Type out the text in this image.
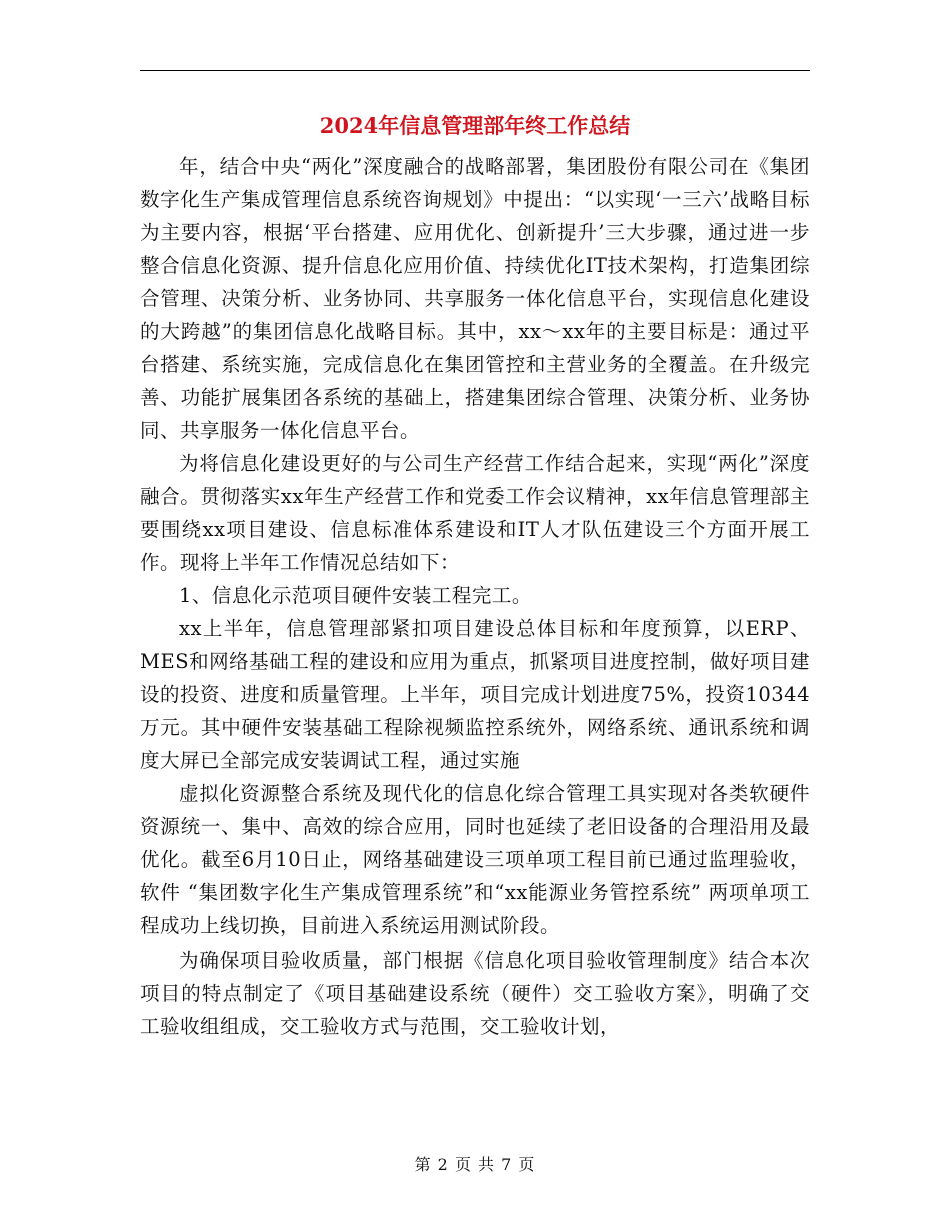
2024年信息管理部年终工作总结

年，结合中央“两化”深度融合的战略部署，集团股份有限公司在《集团数字化生产集成管理信息系统咨询规划》中提出：“以实现‘一三六’战略目标为主要内容，根据‘平台搭建、应用优化、创新提升’三大步骤，通过进一步整合信息化资源、提升信息化应用价值、持续优化IT技术架构，打造集团综合管理、决策分析、业务协同、共享服务一体化信息平台，实现信息化建设的大跨越”的集团信息化战略目标。其中，xx～xx年的主要目标是：通过平台搭建、系统实施，完成信息化在集团管控和主营业务的全覆盖。在升级完善、功能扩展集团各系统的基础上，搭建集团综合管理、决策分析、业务协同、共享服务一体化信息平台。

为将信息化建设更好的与公司生产经营工作结合起来，实现“两化”深度融合。贯彻落实xx年生产经营工作和党委工作会议精神，xx年信息管理部主要围绕xx项目建设、信息标准体系建设和IT人才队伍建设三个方面开展工作。现将上半年工作情况总结如下：

1、信息化示范项目硬件安装工程完工。

xx上半年，信息管理部紧扣项目建设总体目标和年度预算，以ERP、MES和网络基础工程的建设和应用为重点，抓紧项目进度控制，做好项目建设的投资、进度和质量管理。上半年，项目完成计划进度75%，投资10344万元。其中硬件安装基础工程除视频监控系统外，网络系统、通讯系统和调度大屏已全部完成安装调试工程，通过实施

虚拟化资源整合系统及现代化的信息化综合管理工具实现对各类软硬件资源统一、集中、高效的综合应用，同时也延续了老旧设备的合理沿用及最优化。截至6月10日止，网络基础建设三项单项工程目前已通过监理验收，软件 “集团数字化生产集成管理系统”和“xx能源业务管控系统” 两项单项工程成功上线切换，目前进入系统运用测试阶段。

为确保项目验收质量，部门根据《信息化项目验收管理制度》结合本次项目的特点制定了《项目基础建设系统（硬件）交工验收方案》，明确了交工验收组组成，交工验收方式与范围，交工验收计划，

第 2 页 共 7 页
